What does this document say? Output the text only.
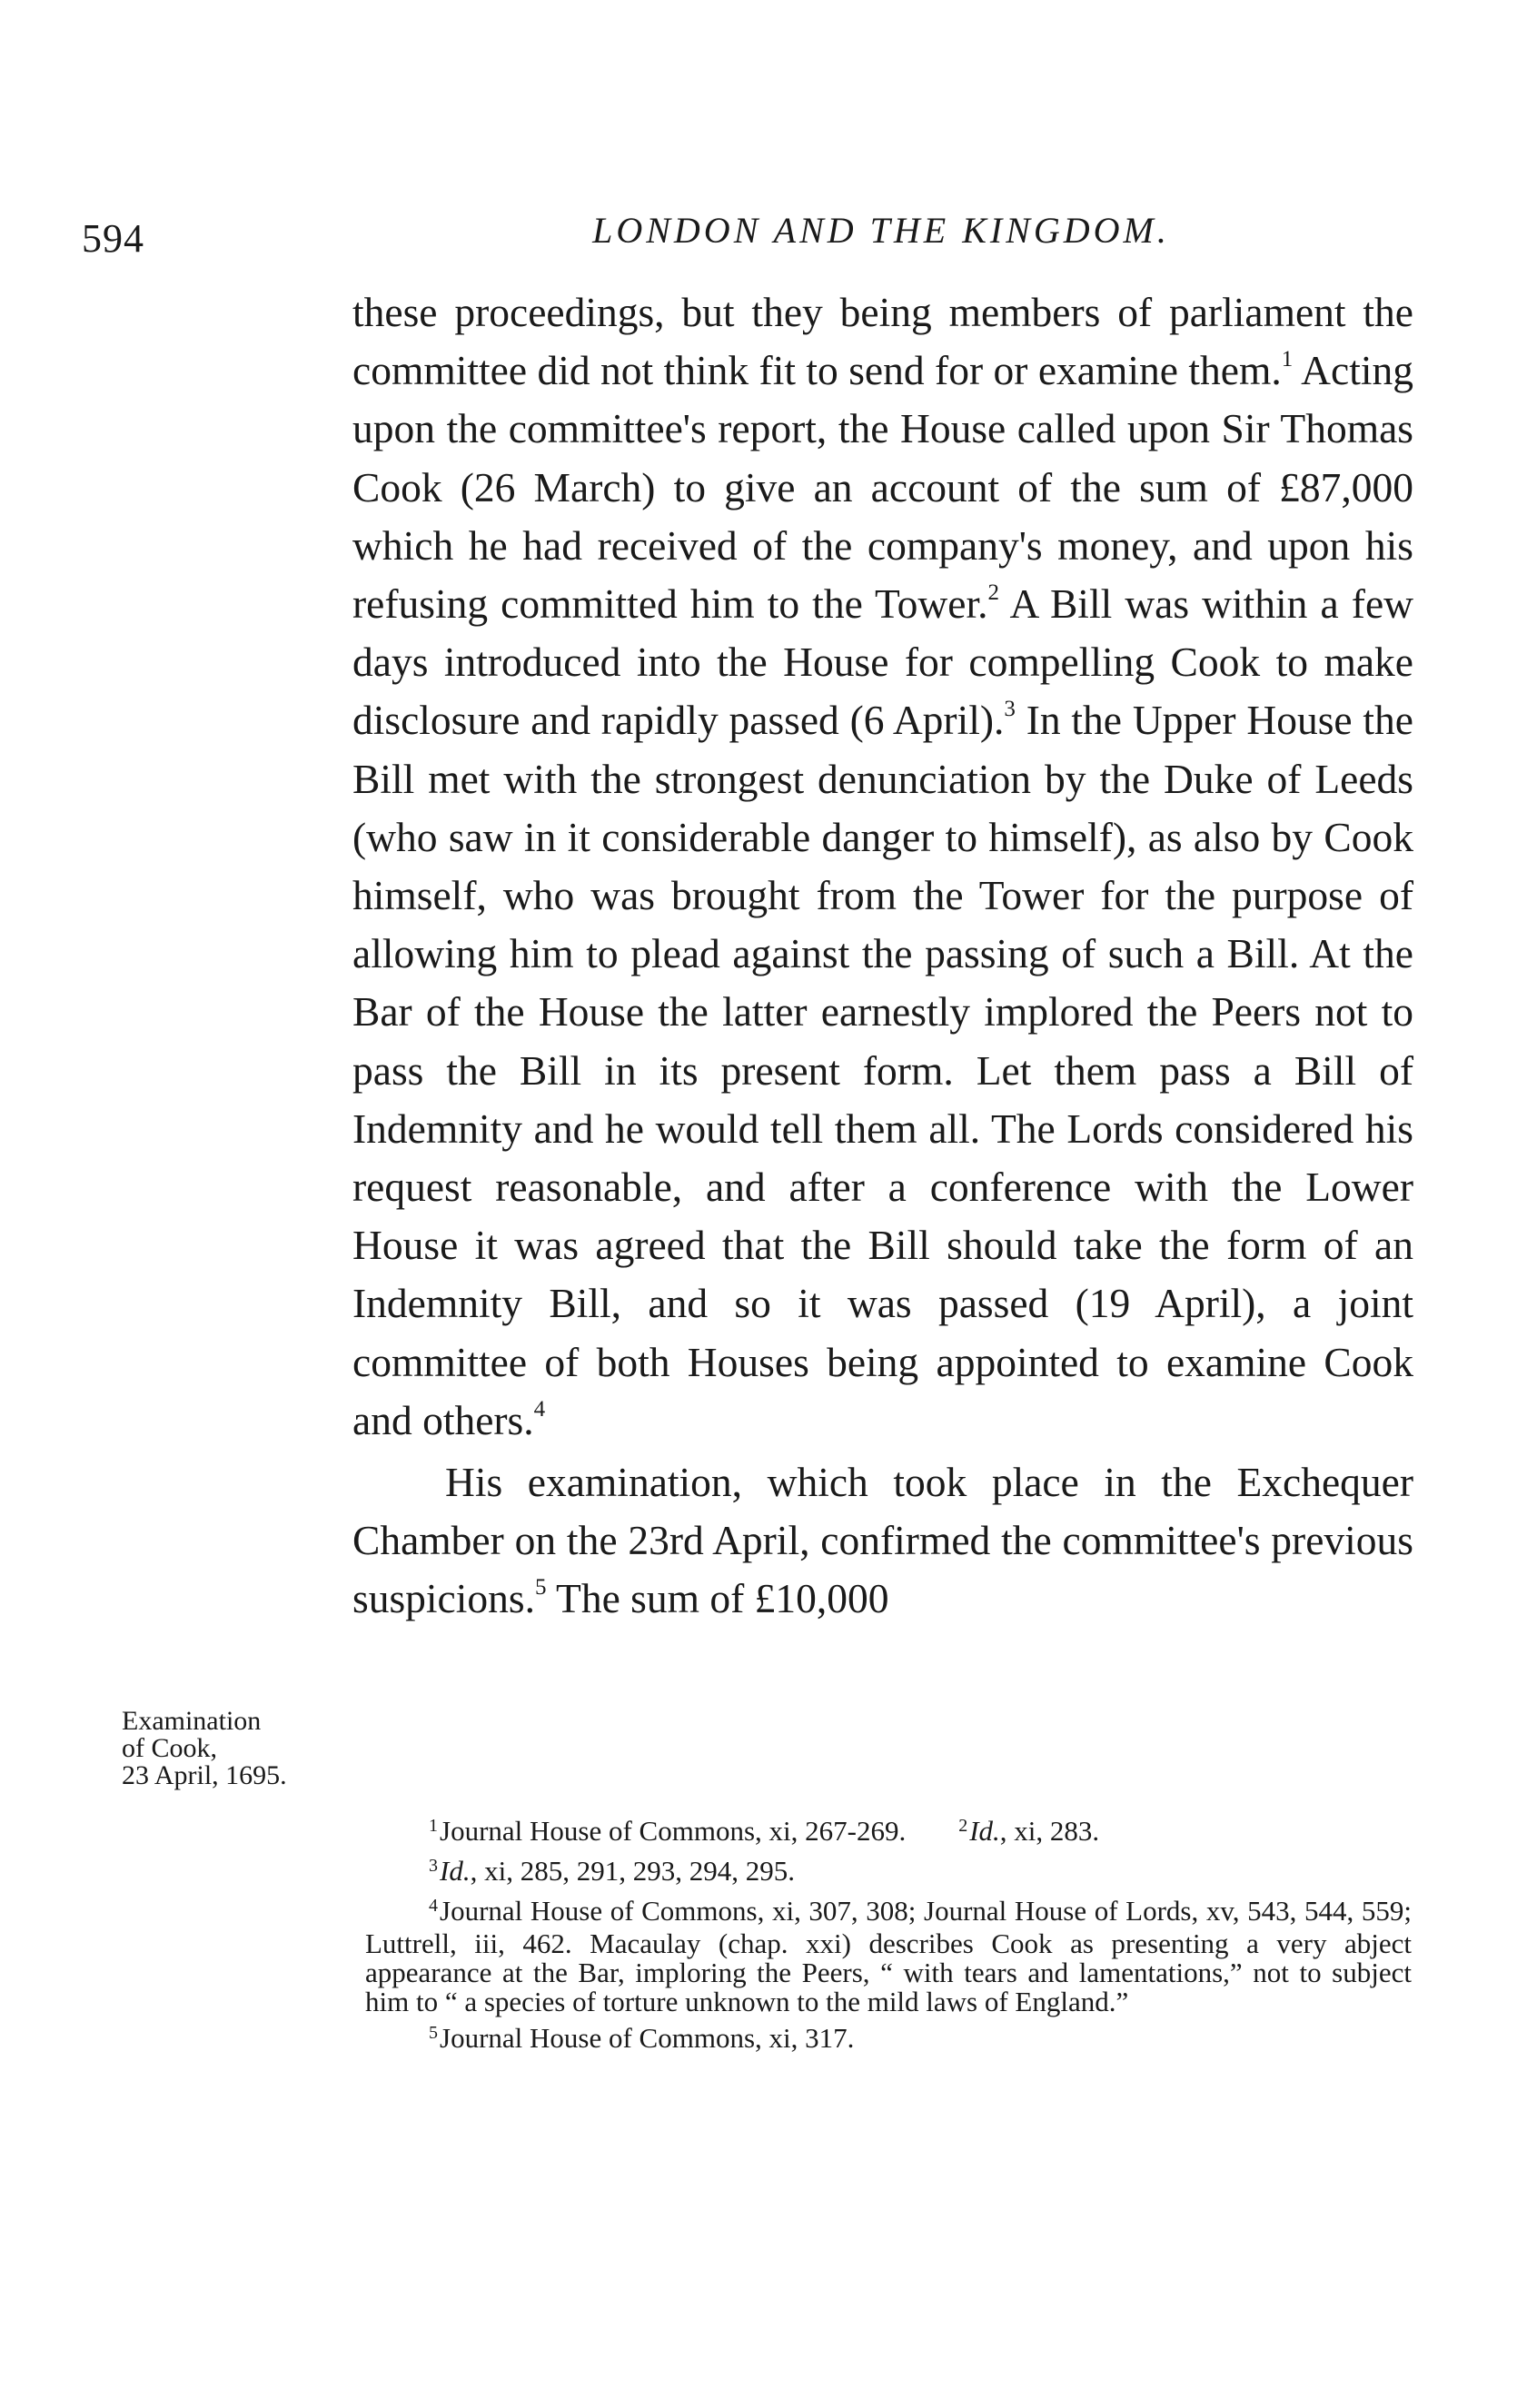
594	LONDON AND THE KINGDOM.

these proceedings, but they being members of parliament the committee did not think fit to send for or examine them.$^1$ Acting upon the committee's report, the House called upon Sir Thomas Cook (26 March) to give an account of the sum of £87,000 which he had received of the company's money, and upon his refusing committed him to the Tower.$^2$ A Bill was within a few days introduced into the House for compelling Cook to make disclosure and rapidly passed (6 April).$^3$ In the Upper House the Bill met with the strongest denunciation by the Duke of Leeds (who saw in it considerable danger to himself), as also by Cook himself, who was brought from the Tower for the purpose of allowing him to plead against the passing of such a Bill. At the Bar of the House the latter earnestly implored the Peers not to pass the Bill in its present form. Let them pass a Bill of Indemnity and he would tell them all. The Lords considered his request reasonable, and after a conference with the Lower House it was agreed that the Bill should take the form of an Indemnity Bill, and so it was passed (19 April), a joint committee of both Houses being appointed to examine Cook and others.$^4$

His examination, which took place in the Exchequer Chamber on the 23rd April, confirmed the committee's previous suspicions.$^5$ The sum of £10,000

Examination
of Cook,
23 April, 1695.
$^1$Journal House of Commons, xi, 267-269.	$^2$Id., xi, 283.
$^3$Id., xi, 285, 291, 293, 294, 295.
$^4$Journal House of Commons, xi, 307, 308; Journal House of Lords, xv, 543, 544, 559; Luttrell, iii, 462. Macaulay (chap. xxi) describes Cook as presenting a very abject appearance at the Bar, imploring the Peers, “ with tears and lamentations,” not to subject him to “ a species of torture unknown to the mild laws of England.”
$^5$Journal House of Commons, xi, 317.
